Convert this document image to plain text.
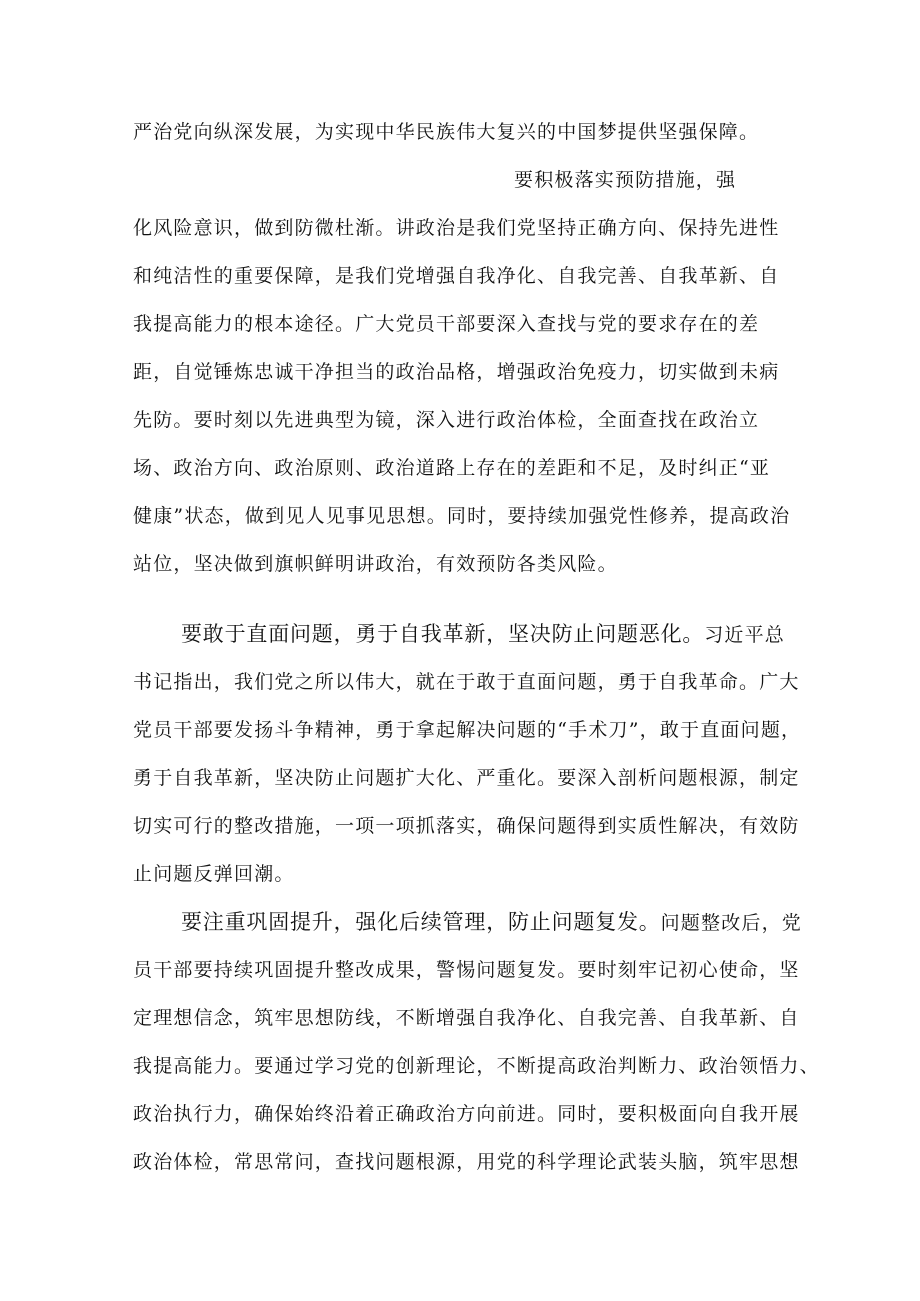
严治党向纵深发展，为实现中华民族伟大复兴的中国梦提供坚强保障。
要积极落实预防措施，强
化风险意识，做到防微杜渐。讲政治是我们党坚持正确方向、保持先进性
和纯洁性的重要保障，是我们党增强自我净化、自我完善、自我革新、自
我提高能力的根本途径。广大党员干部要深入查找与党的要求存在的差
距，自觉锤炼忠诚干净担当的政治品格，增强政治免疫力，切实做到未病
先防。要时刻以先进典型为镜，深入进行政治体检，全面查找在政治立
场、政治方向、政治原则、政治道路上存在的差距和不足，及时纠正“亚
健康”状态，做到见人见事见思想。同时，要持续加强党性修养，提高政治
站位，坚决做到旗帜鲜明讲政治，有效预防各类风险。
要敢于直面问题，勇于自我革新，坚决防止问题恶化。习近平总
书记指出，我们党之所以伟大，就在于敢于直面问题，勇于自我革命。广大
党员干部要发扬斗争精神，勇于拿起解决问题的“手术刀”，敢于直面问题，
勇于自我革新，坚决防止问题扩大化、严重化。要深入剖析问题根源，制定
切实可行的整改措施，一项一项抓落实，确保问题得到实质性解决，有效防
止问题反弹回潮。
要注重巩固提升，强化后续管理，防止问题复发。问题整改后，党
员干部要持续巩固提升整改成果，警惕问题复发。要时刻牢记初心使命，坚
定理想信念，筑牢思想防线，不断增强自我净化、自我完善、自我革新、自
我提高能力。要通过学习党的创新理论，不断提高政治判断力、政治领悟力、
政治执行力，确保始终沿着正确政治方向前进。同时，要积极面向自我开展
政治体检，常思常问，查找问题根源，用党的科学理论武装头脑，筑牢思想
